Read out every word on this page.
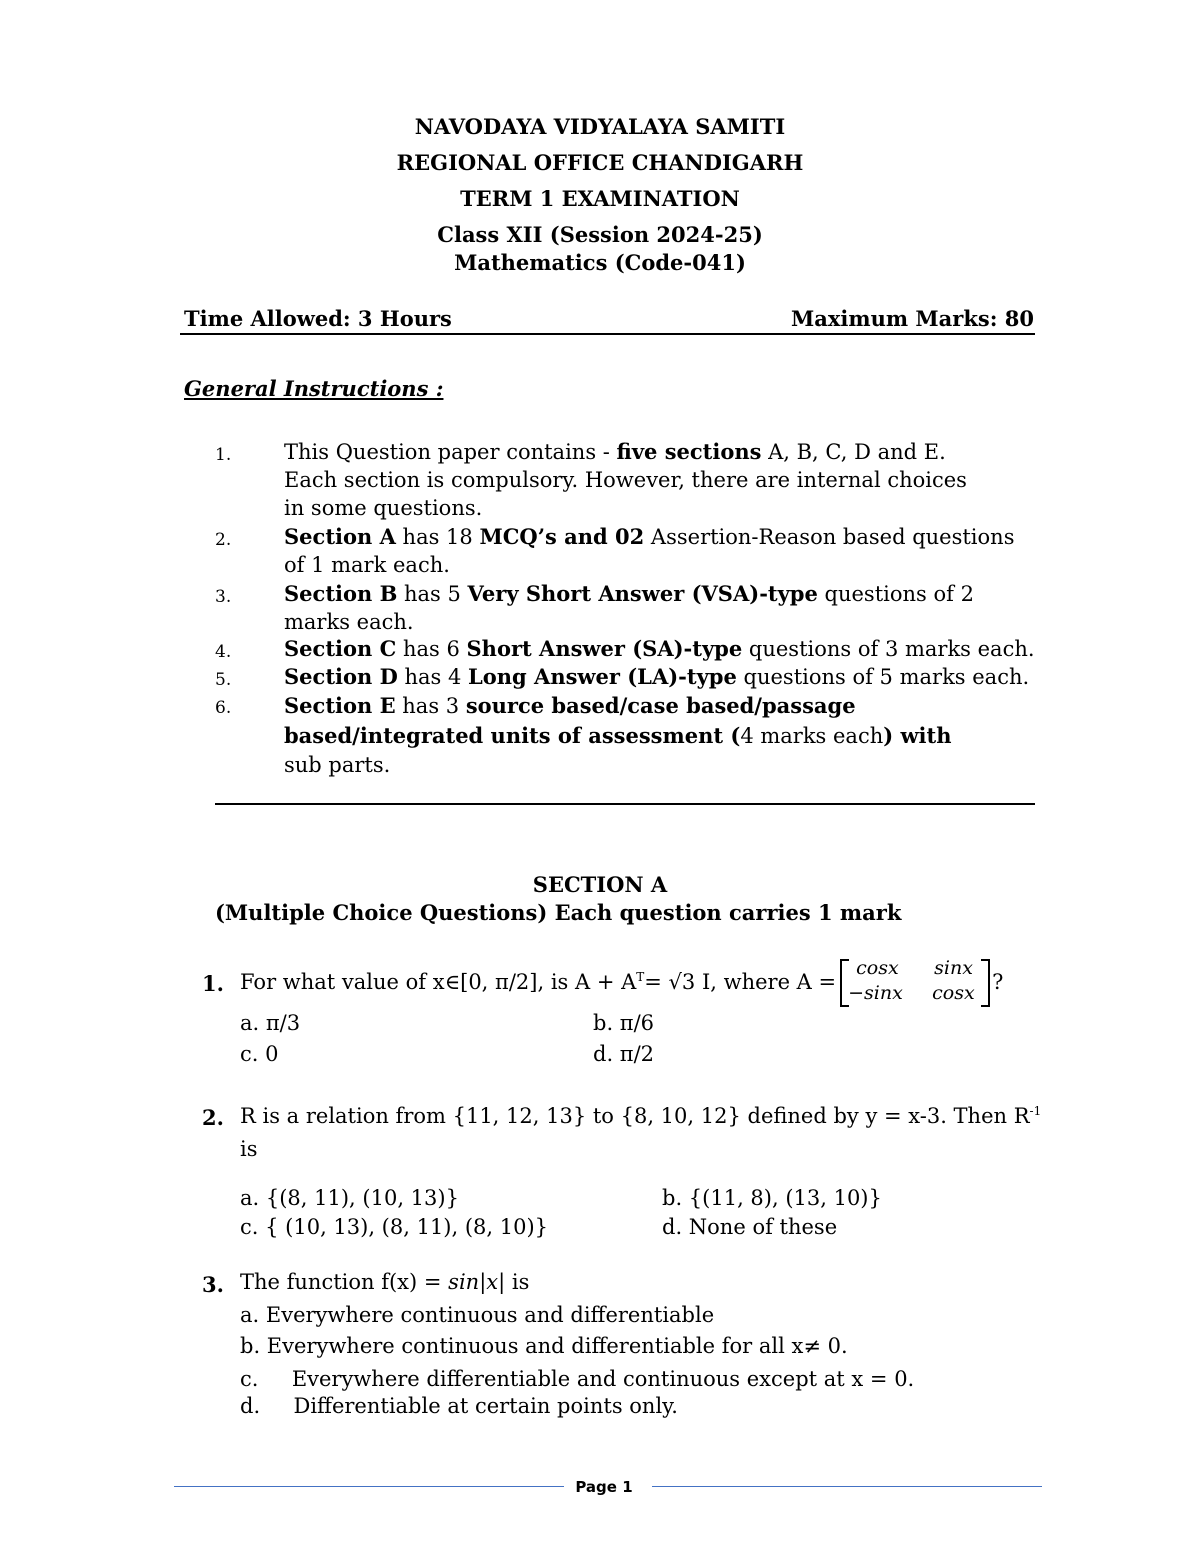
NAVODAYA VIDYALAYA SAMITI
REGIONAL OFFICE CHANDIGARH
TERM 1 EXAMINATION
Class XII (Session 2024-25)
Mathematics (Code-041)
Time Allowed: 3 Hours	Maximum Marks: 80
General Instructions :
1.	This Question paper contains - five sections A, B, C, D and E.
Each section is compulsory. However, there are internal choices
in some questions.
2.	Section A has 18 MCQ’s and 02 Assertion-Reason based questions
of 1 mark each.
3.	Section B has 5 Very Short Answer (VSA)-type questions of 2
marks each.
4.	Section C has 6 Short Answer (SA)-type questions of 3 marks each.
5.	Section D has 4 Long Answer (LA)-type questions of 5 marks each.
6.	Section E has 3 source based/case based/passage
based/integrated units of assessment (4 marks each) with
sub parts.
SECTION A
(Multiple Choice Questions) Each question carries 1 mark
1. For what value of x∈ [0, π/2] , is $A + A^T = √3$ I, where A =
cosx sinx
−sinx cosx ?
a. π/3	b. π/6
c. 0	d. π/2
2. R is a relation from {11, 12, 13} to {8, 10, 12} defined by y = x-3. Then $R^{-1}$
is
a. {(8, 11), (10, 13)}	b. {(11, 8), (13, 10)}
c. { (10, 13), (8, 11), (8, 10)}	d. None of these
3. The function f(x) = sin|x| is
a. Everywhere continuous and differentiable
b. Everywhere continuous and differentiable for all x≠ 0.
c.     Everywhere differentiable and continuous except at x = 0.
d.     Differentiable at certain points only.
Page 1
